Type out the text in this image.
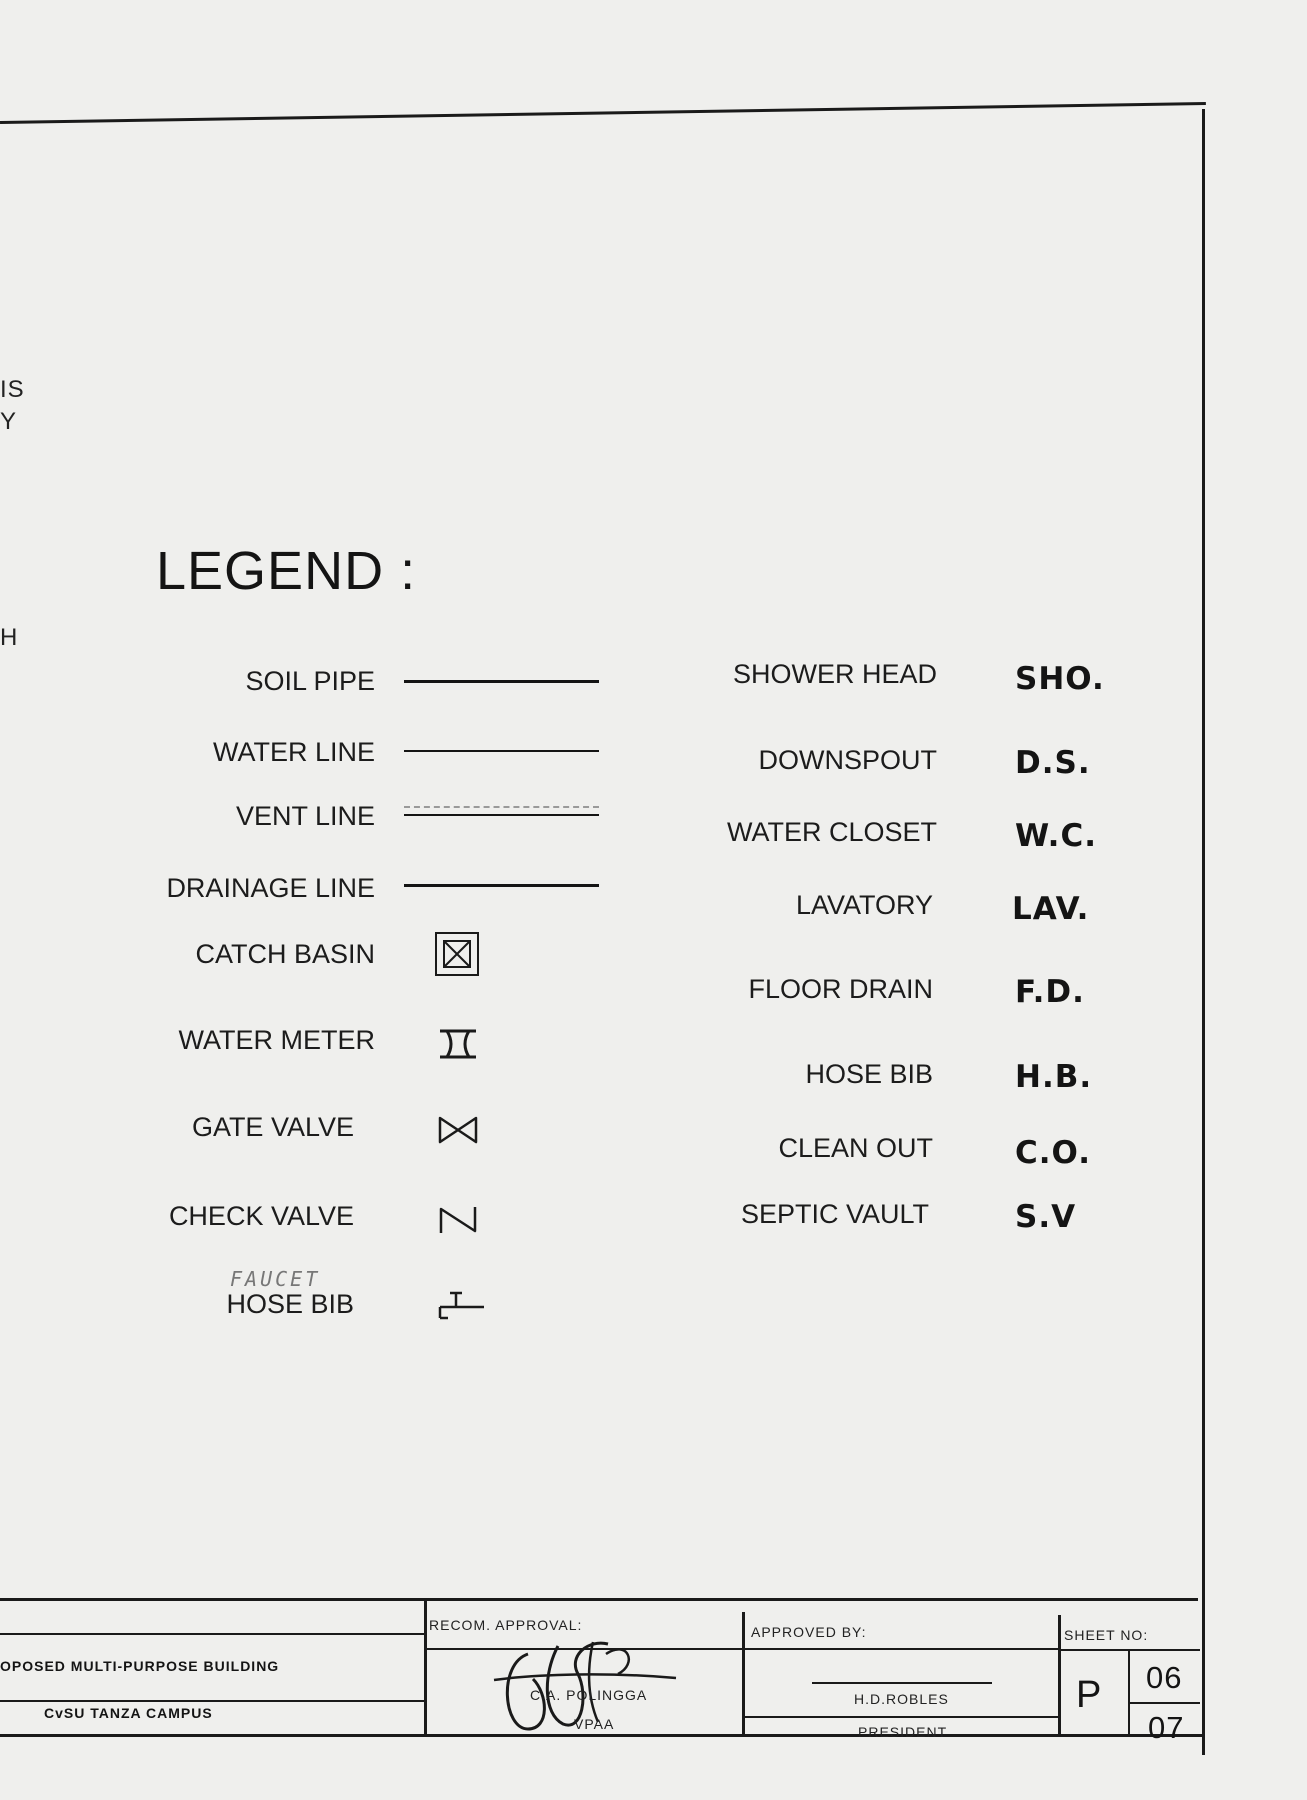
IS
Y
H
LEGEND :
SOIL PIPE
WATER LINE
VENT LINE
DRAINAGE LINE
CATCH BASIN
WATER METER
GATE VALVE
CHECK VALVE
FAUCET
HOSE BIB
SHOWER HEAD	SHO.
DOWNSPOUT	D.S.
WATER CLOSET	W.C.
LAVATORY	LAV.
FLOOR DRAIN	F.D.
HOSE BIB	H.B.
CLEAN OUT	C.O.
SEPTIC VAULT	S.V
OPOSED MULTI-PURPOSE BUILDING
CvSU TANZA CAMPUS
RECOM. APPROVAL:
C.A. POLINGGA
VPAA
APPROVED BY:
H.D.ROBLES
PRESIDENT
SHEET NO:
P 06
07
